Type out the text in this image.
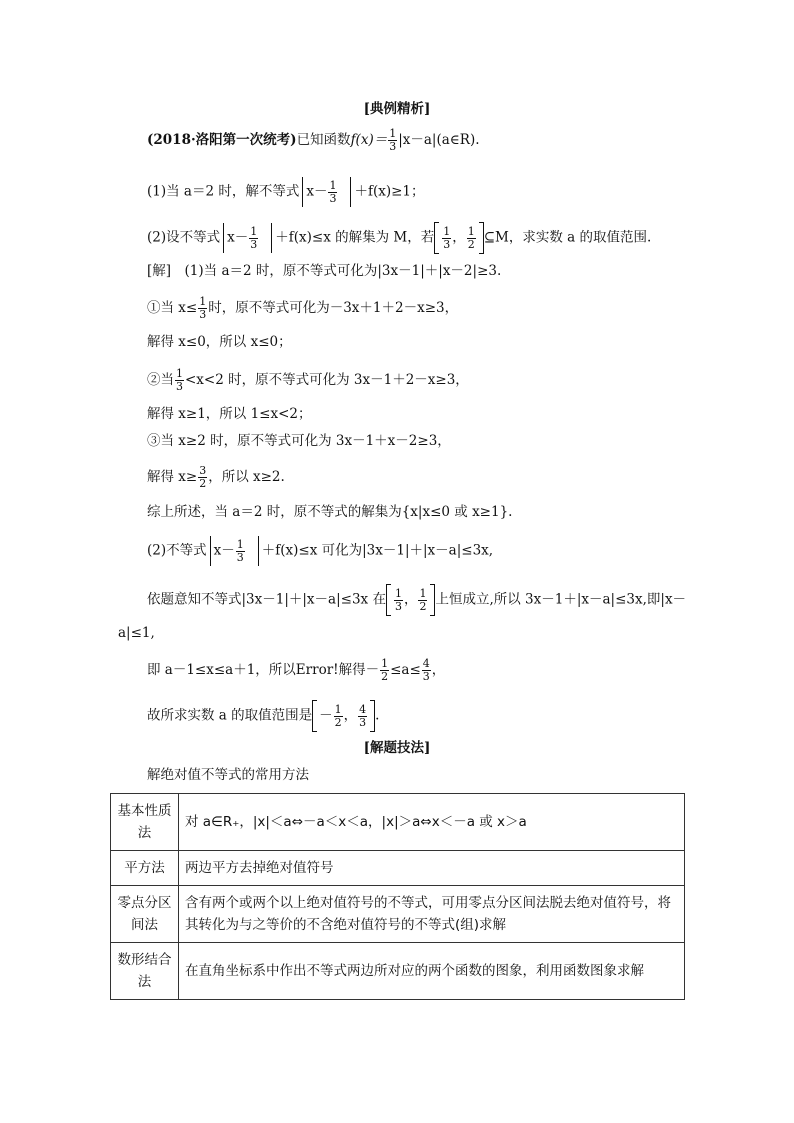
[典例精析]
(2018·洛阳第一次统考)已知函数$f(x)= \frac{1}{3}$ |x－a|(a∈R).
(1)当 a＝2 时，解不等式 $x- \frac{1}{3} +f(x)\ge 1$；
(2)设不等式 $x- \frac{1}{3} +f(x)\le x$ 的解集为 M，若 $\frac{1}{3}$ ， $\frac{1}{2}$ ⊆M，求实数 a 的取值范围.
[解]　(1)当 a＝2 时，原不等式可化为|3x－1|＋|x－2|≥3.
①当 $x\le \frac{1}{3}$ 时，原不等式可化为－3x＋1＋2－x≥3，
解得 x≤0，所以 x≤0；
②当 $\frac{1}{3} <x<2$ 时，原不等式可化为 3x－1＋2－x≥3，
解得 x≥1，所以 1≤x<2；
③当 x≥2 时，原不等式可化为 3x－1＋x－2≥3，
解得 $x\ge \frac{3}{2}$ ，所以 x≥2.
综上所述，当 a＝2 时，原不等式的解集为{x|x≤0 或 x≥1}.
(2)不等式 $x- \frac{1}{3} +f(x)\le x$ 可化为|3x－1|＋|x－a|≤3x,
依题意知不等式|3x－1|＋|x－a|≤3x 在 $\frac{1}{3}$ ， $\frac{1}{2}$ 上恒成立,所以 3x－1＋|x－a|≤3x,即|x－
a|≤1,
即 a－1≤x≤a＋1，所以Error!解得－ $\frac{1}{2} \le a\le \frac{4}{3}$ ，
故所求实数 a 的取值范围是 － $\frac{1}{2}$ ， $\frac{4}{3}$ .
[解题技法]
解绝对值不等式的常用方法
基本性质法	对 a∈R₊，|x|＜a⇔－a＜x＜a，|x|＞a⇔x＜－a 或 x＞a
平方法	两边平方去掉绝对值符号
零点分区间法	含有两个或两个以上绝对值符号的不等式，可用零点分区间法脱去绝对值符号，将其转化为与之等价的不含绝对值符号的不等式(组)求解
数形结合法	在直角坐标系中作出不等式两边所对应的两个函数的图象，利用函数图象求解
